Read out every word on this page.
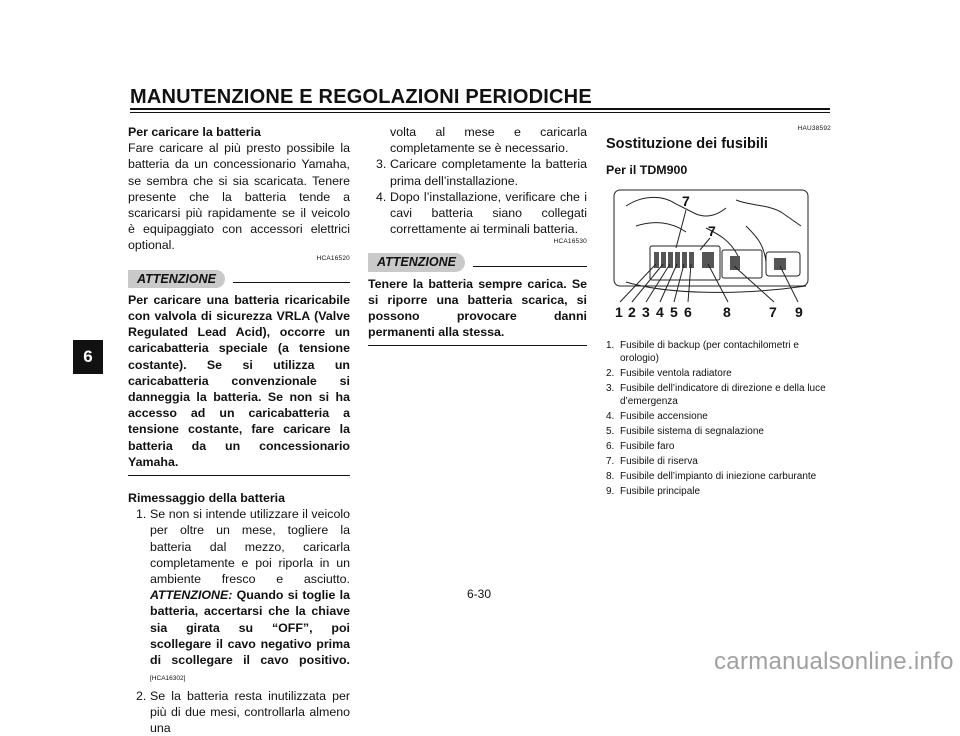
MANUTENZIONE E REGOLAZIONI PERIODICHE
6
Per caricare la batteria
Fare caricare al più presto possibile la batteria da un concessionario Yamaha, se sembra che si sia scaricata. Tenere presente che la batteria tende a scaricarsi più rapidamente se il veicolo è equipaggiato con accessori elettrici optional.
HCA16520
ATTENZIONE
Per caricare una batteria ricaricabile con valvola di sicurezza VRLA (Valve Regulated Lead Acid), occorre un caricabatteria speciale (a tensione costante). Se si utilizza un caricabatteria convenzionale si danneggia la batteria. Se non si ha accesso ad un caricabatteria a tensione costante, fare caricare la batteria da un concessionario Yamaha.
Rimessaggio della batteria
1. Se non si intende utilizzare il veicolo per oltre un mese, togliere la batteria dal mezzo, caricarla completamente e poi riporla in un ambiente fresco e asciutto. ATTENZIONE: Quando si toglie la batteria, accertarsi che la chiave sia girata su “OFF”, poi scollegare il cavo negativo prima di scollegare il cavo positivo.[HCA16302]
2. Se la batteria resta inutilizzata per più di due mesi, controllarla almeno una
volta al mese e caricarla completamente se è necessario.
3. Caricare completamente la batteria prima dell’installazione.
4. Dopo l’installazione, verificare che i cavi batteria siano collegati correttamente ai terminali batteria.
HCA16530
ATTENZIONE
Tenere la batteria sempre carica. Se si riporre una batteria scarica, si possono provocare danni permanenti alla stessa.
HAU38592
Sostituzione dei fusibili
Per il TDM900
1 2 3 4 5 6 8	7 9
7
7
1. Fusibile di backup (per contachilometri e orologio)
2. Fusibile ventola radiatore
3. Fusibile dell’indicatore di direzione e della luce d’emergenza
4. Fusibile accensione
5. Fusibile sistema di segnalazione
6. Fusibile faro
7. Fusibile di riserva
8. Fusibile dell’impianto di iniezione carburante
9. Fusibile principale
6-30
carmanualsonline.info
